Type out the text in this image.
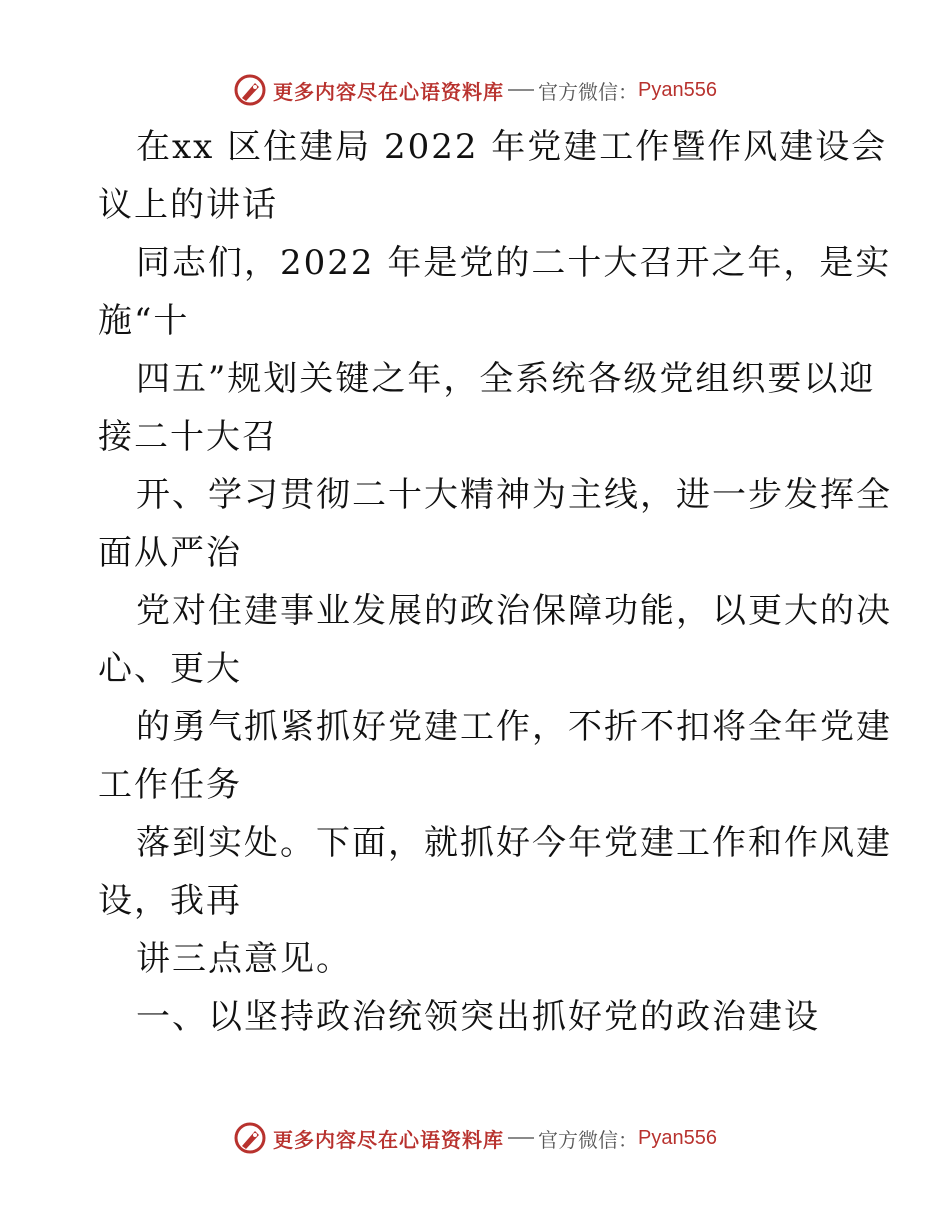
更多内容尽在心语资料库 官方微信： Pyan556
在xx 区住建局 2022 年党建工作暨作风建设会
议上的讲话
同志们，2022 年是党的二十大召开之年，是实
施“十
四五”规划关键之年，全系统各级党组织要以迎
接二十大召
开、学习贯彻二十大精神为主线，进一步发挥全
面从严治
党对住建事业发展的政治保障功能，以更大的决
心、更大
的勇气抓紧抓好党建工作，不折不扣将全年党建
工作任务
落到实处。下面，就抓好今年党建工作和作风建
设，我再
讲三点意见。
一、以坚持政治统领突出抓好党的政治建设
更多内容尽在心语资料库 官方微信： Pyan556
